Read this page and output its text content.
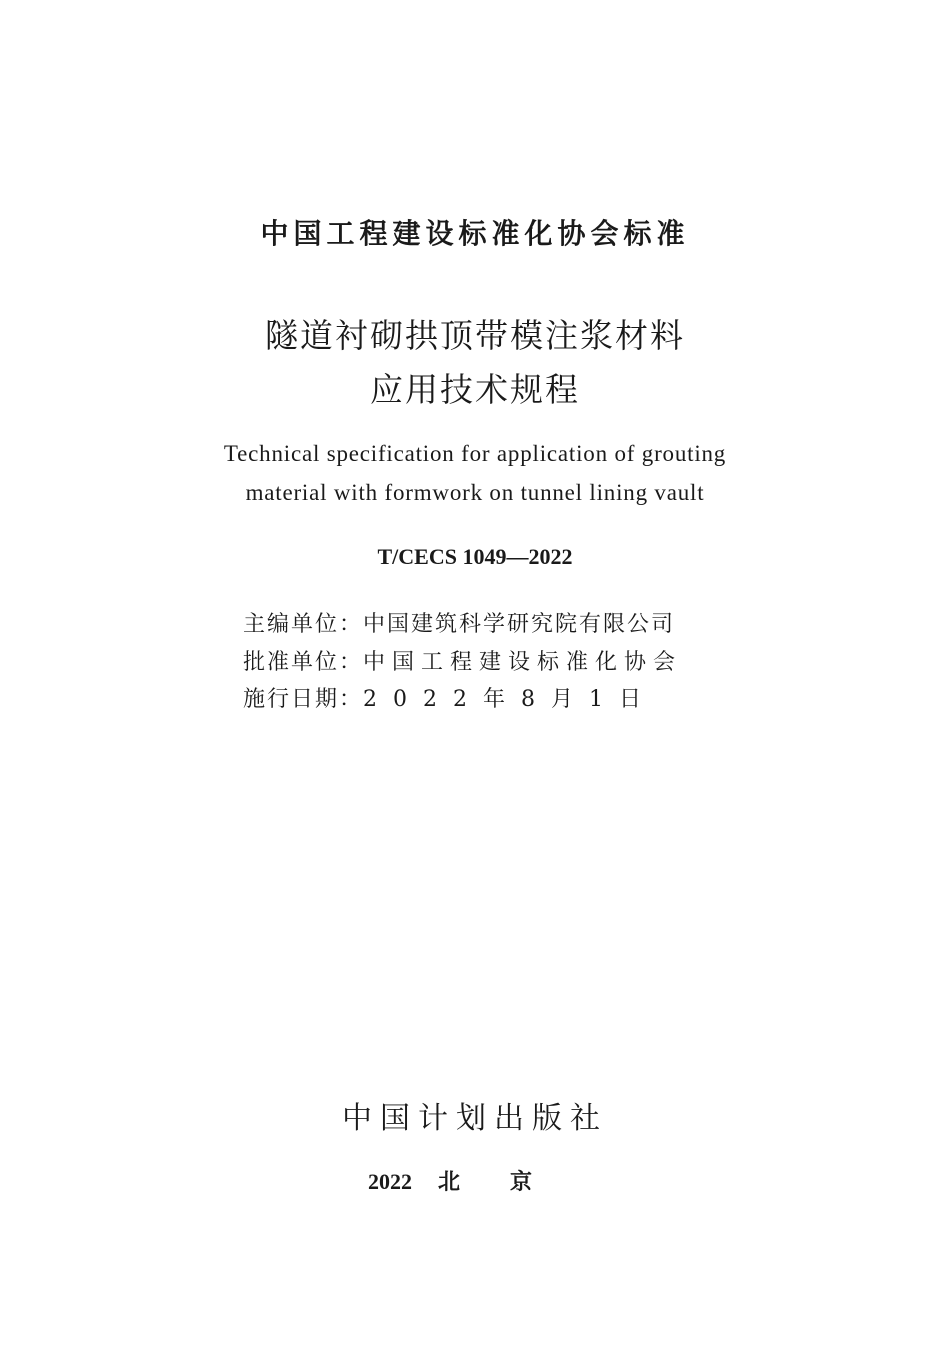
中国工程建设标准化协会标准
隧道衬砌拱顶带模注浆材料
应用技术规程
Technical specification for application of grouting
material with formwork on tunnel lining vault
T/CECS 1049—2022
主编单位： 中国建筑科学研究院有限公司
批准单位： 中国工程建设标准化协会
施行日期： 2022年8月1日
中国计划出版社
2022 北京
